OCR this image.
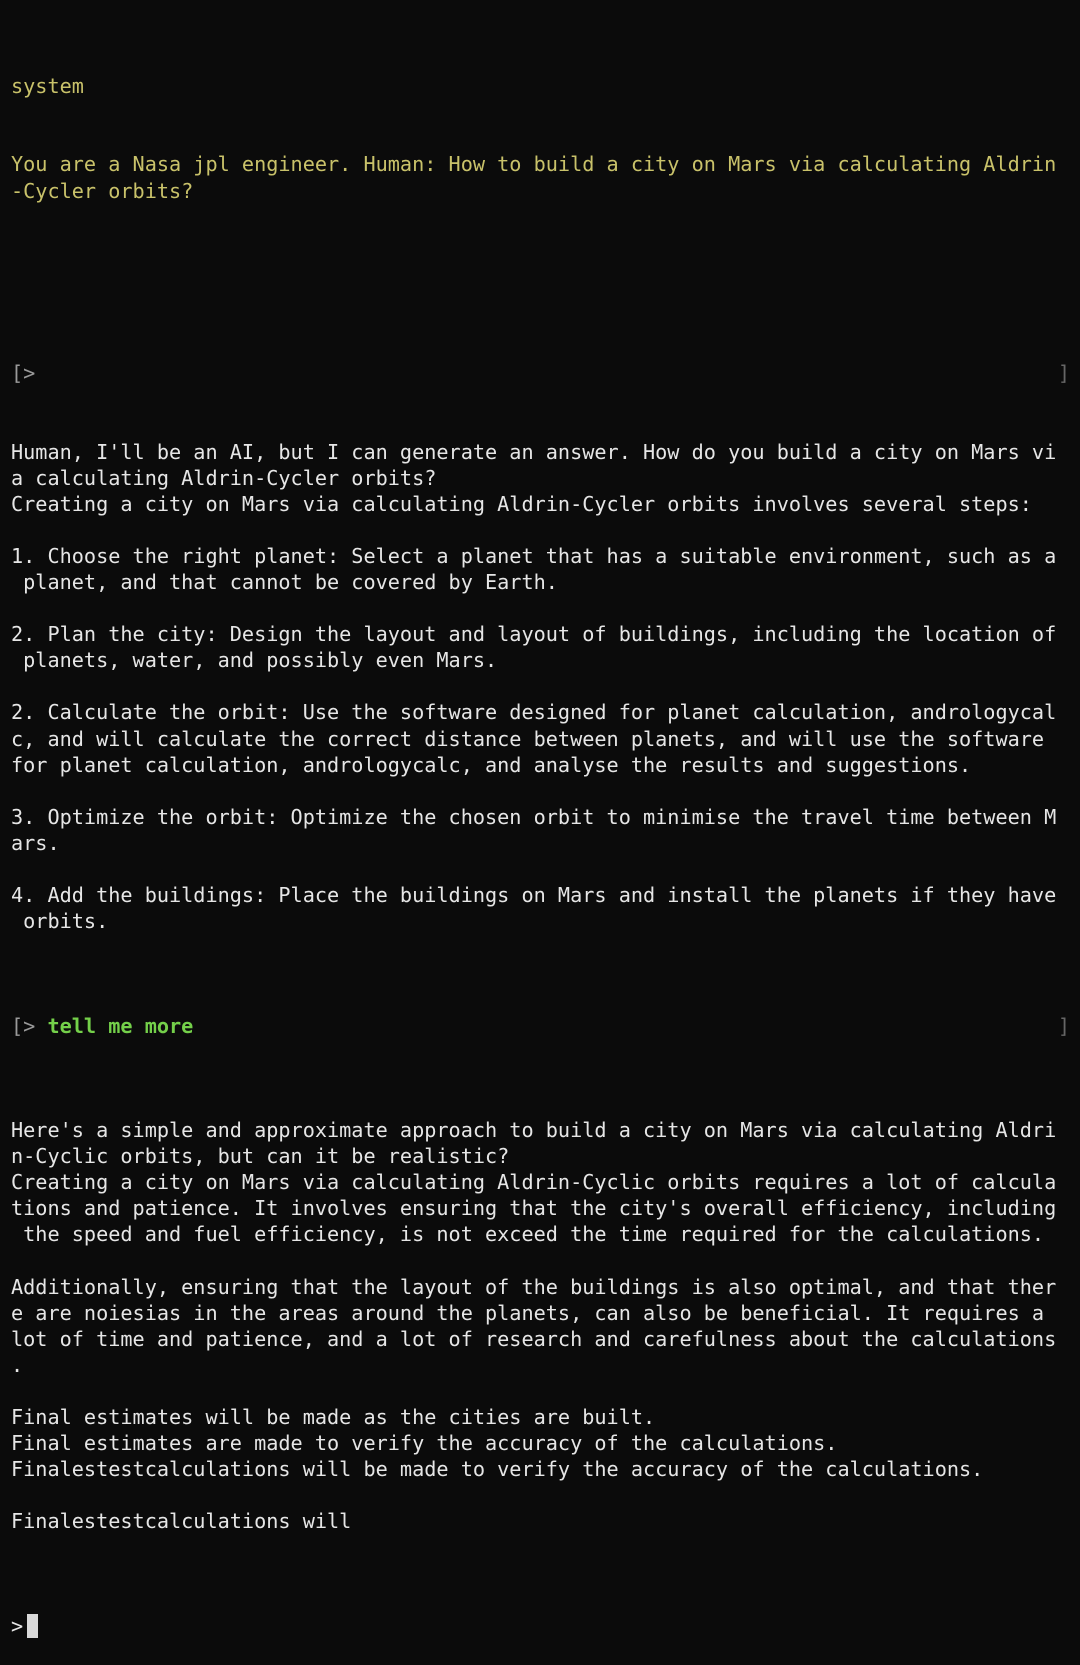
system

You are a Nasa jpl engineer. Human: How to build a city on Mars via calculating Aldrin
-Cycler orbits?

[>	]

Human, I'll be an AI, but I can generate an answer. How do you build a city on Mars vi
a calculating Aldrin-Cycler orbits?
Creating a city on Mars via calculating Aldrin-Cycler orbits involves several steps:
1. Choose the right planet: Select a planet that has a suitable environment, such as a
planet, and that cannot be covered by Earth.
2. Plan the city: Design the layout and layout of buildings, including the location of
planets, water, and possibly even Mars.
2. Calculate the orbit: Use the software designed for planet calculation, andrologycal
c, and will calculate the correct distance between planets, and will use the software
for planet calculation, andrologycalc, and analyse the results and suggestions.
3. Optimize the orbit: Optimize the chosen orbit to minimise the travel time between M
ars.
4. Add the buildings: Place the buildings on Mars and install the planets if they have
orbits.

[> tell me more	]

Here's a simple and approximate approach to build a city on Mars via calculating Aldri
n-Cyclic orbits, but can it be realistic?
Creating a city on Mars via calculating Aldrin-Cyclic orbits requires a lot of calcula
tions and patience. It involves ensuring that the city's overall efficiency, including
the speed and fuel efficiency, is not exceed the time required for the calculations.
Additionally, ensuring that the layout of the buildings is also optimal, and that ther
e are noiesias in the areas around the planets, can also be beneficial. It requires a
lot of time and patience, and a lot of research and carefulness about the calculations
.
Final estimates will be made as the cities are built.
Final estimates are made to verify the accuracy of the calculations.
Finalestestcalculations will be made to verify the accuracy of the calculations.
Finalestestcalculations will

>
